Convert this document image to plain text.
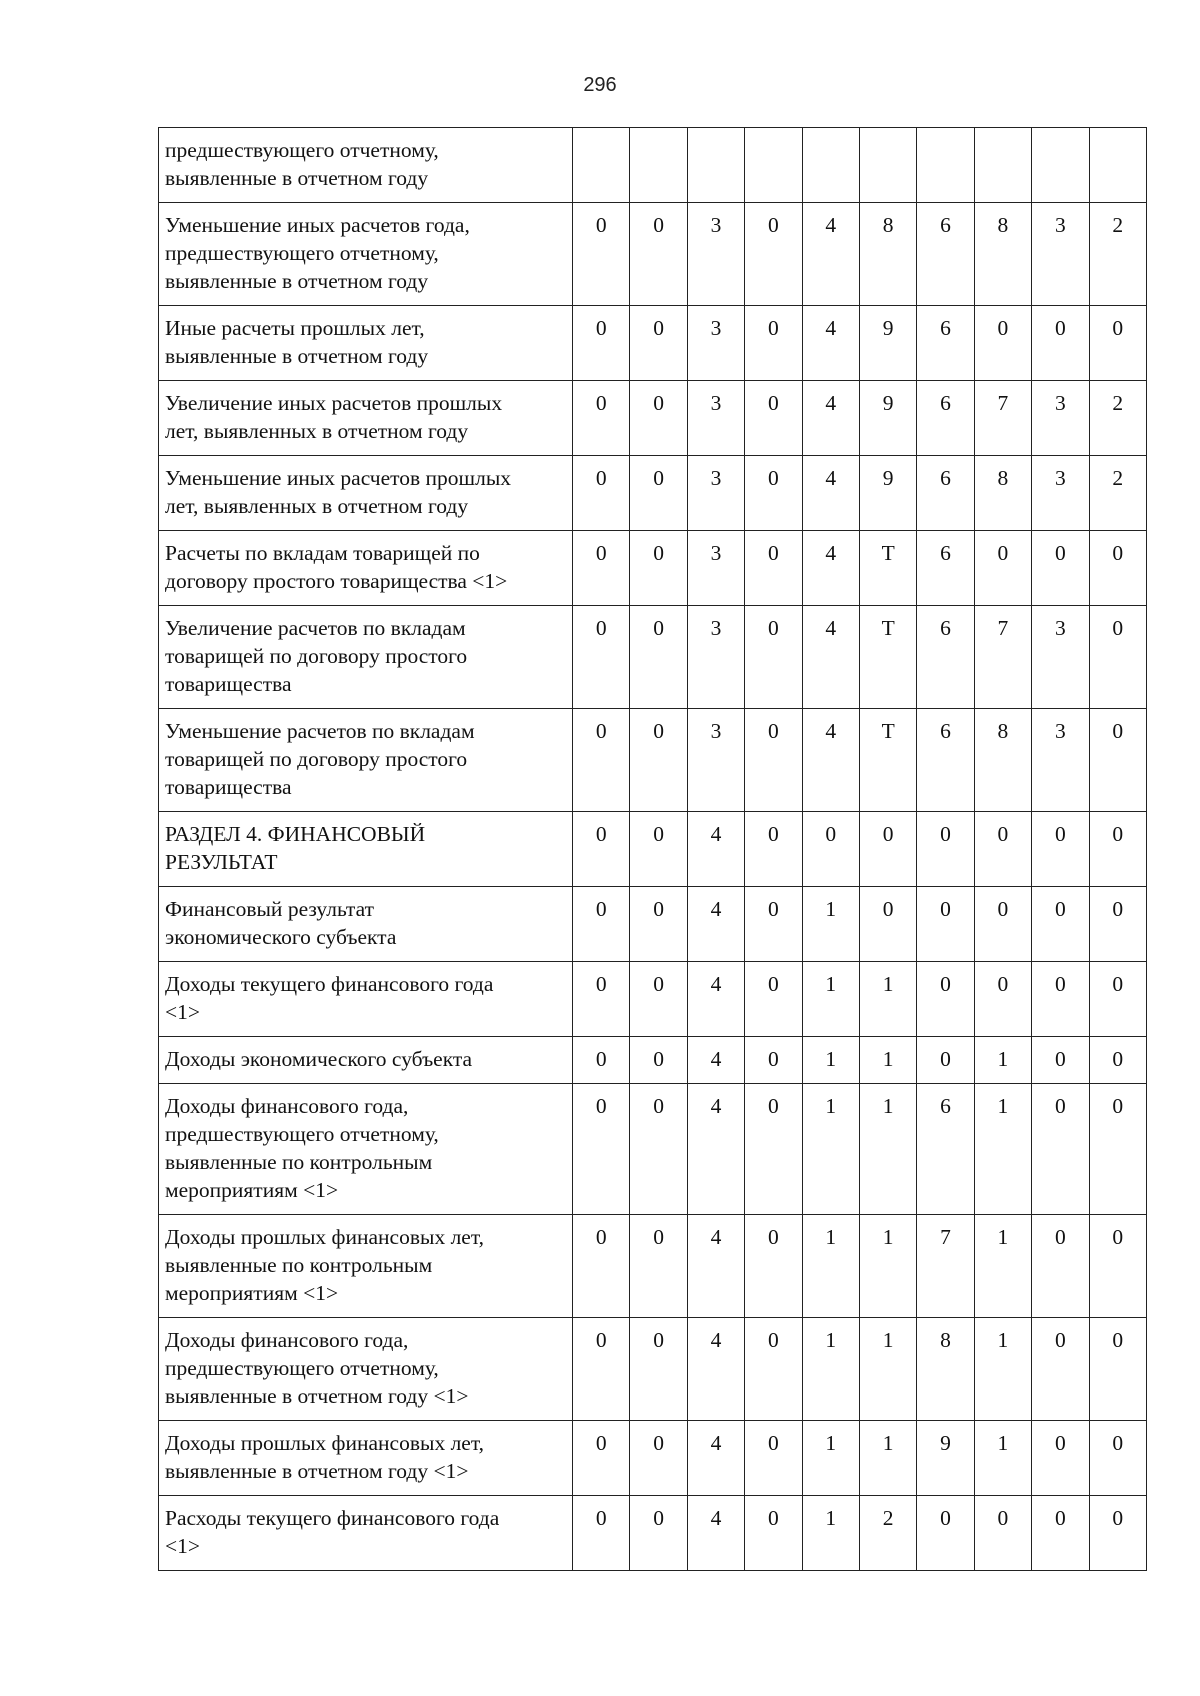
296
предшествующего отчетному,
выявленные в отчетном году										

Уменьшение иных расчетов года,
предшествующего отчетному,
выявленные в отчетном году	0	0	3	0	4	8	6	8	3	2

Иные расчеты прошлых лет,
выявленные в отчетном году	0	0	3	0	4	9	6	0	0	0

Увеличение иных расчетов прошлых
лет, выявленных в отчетном году	0	0	3	0	4	9	6	7	3	2

Уменьшение иных расчетов прошлых
лет, выявленных в отчетном году	0	0	3	0	4	9	6	8	3	2

Расчеты по вкладам товарищей по
договору простого товарищества <1>	0	0	3	0	4	Т	6	0	0	0

Увеличение расчетов по вкладам
товарищей по договору простого
товарищества	0	0	3	0	4	Т	6	7	3	0

Уменьшение расчетов по вкладам
товарищей по договору простого
товарищества	0	0	3	0	4	Т	6	8	3	0

РАЗДЕЛ 4. ФИНАНСОВЫЙ
РЕЗУЛЬТАТ	0	0	4	0	0	0	0	0	0	0

Финансовый результат
экономического субъекта	0	0	4	0	1	0	0	0	0	0

Доходы текущего финансового года
<1>	0	0	4	0	1	1	0	0	0	0

Доходы экономического субъекта	0	0	4	0	1	1	0	1	0	0

Доходы финансового года,
предшествующего отчетному,
выявленные по контрольным
мероприятиям <1>	0	0	4	0	1	1	6	1	0	0

Доходы прошлых финансовых лет,
выявленные по контрольным
мероприятиям <1>	0	0	4	0	1	1	7	1	0	0

Доходы финансового года,
предшествующего отчетному,
выявленные в отчетном году <1>	0	0	4	0	1	1	8	1	0	0

Доходы прошлых финансовых лет,
выявленные в отчетном году <1>	0	0	4	0	1	1	9	1	0	0

Расходы текущего финансового года
<1>	0	0	4	0	1	2	0	0	0	0
